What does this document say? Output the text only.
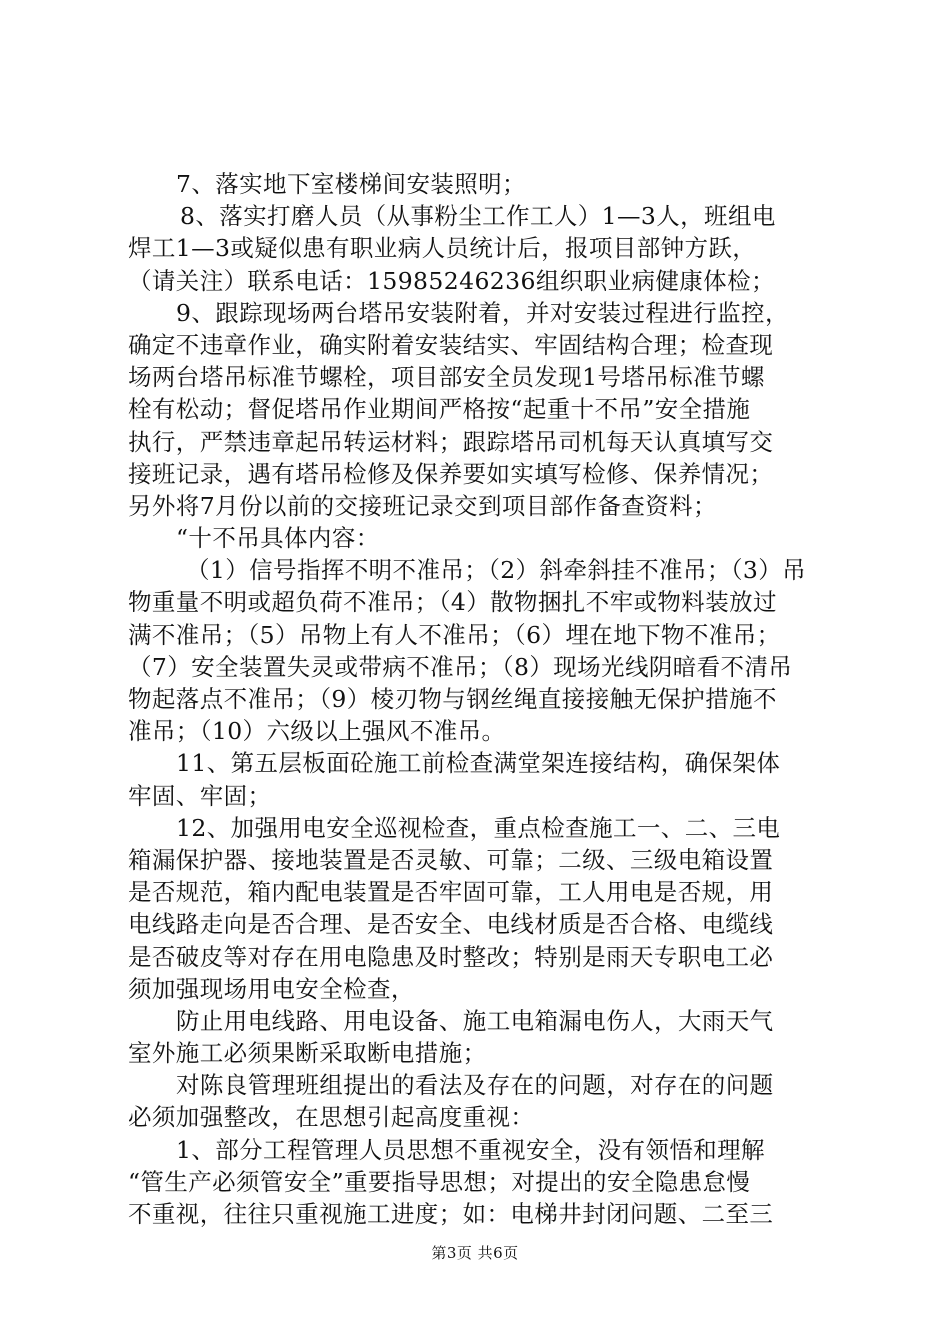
7、落实地下室楼梯间安装照明；
8、落实打磨人员（从事粉尘工作工人）1—3人，班组电
焊工1—3或疑似患有职业病人员统计后，报项目部钟方跃，
（请关注）联系电话：15985246236组织职业病健康体检；
9、跟踪现场两台塔吊安装附着，并对安装过程进行监控，
确定不违章作业，确实附着安装结实、牢固结构合理；检查现
场两台塔吊标准节螺栓，项目部安全员发现1号塔吊标准节螺
栓有松动；督促塔吊作业期间严格按“起重十不吊”安全措施
执行，严禁违章起吊转运材料；跟踪塔吊司机每天认真填写交
接班记录，遇有塔吊检修及保养要如实填写检修、保养情况；
另外将7月份以前的交接班记录交到项目部作备查资料；
“十不吊具体内容：
（1）信号指挥不明不准吊；（2）斜牵斜挂不准吊；（3）吊
物重量不明或超负荷不准吊；（4）散物捆扎不牢或物料装放过
满不准吊；（5）吊物上有人不准吊；（6）埋在地下物不准吊；
（7）安全装置失灵或带病不准吊；（8）现场光线阴暗看不清吊
物起落点不准吊；（9）棱刃物与钢丝绳直接接触无保护措施不
准吊；（10）六级以上强风不准吊。
11、第五层板面砼施工前检查满堂架连接结构，确保架体
牢固、牢固；
12、加强用电安全巡视检查，重点检查施工一、二、三电
箱漏保护器、接地装置是否灵敏、可靠；二级、三级电箱设置
是否规范，箱内配电装置是否牢固可靠，工人用电是否规，用
电线路走向是否合理、是否安全、电线材质是否合格、电缆线
是否破皮等对存在用电隐患及时整改；特别是雨天专职电工必
须加强现场用电安全检查，
防止用电线路、用电设备、施工电箱漏电伤人，大雨天气
室外施工必须果断采取断电措施；
对陈良管理班组提出的看法及存在的问题，对存在的问题
必须加强整改，在思想引起高度重视：
1、部分工程管理人员思想不重视安全，没有领悟和理解
“管生产必须管安全”重要指导思想；对提出的安全隐患怠慢
不重视，往往只重视施工进度；如：电梯井封闭问题、二至三
第3页 共6页
